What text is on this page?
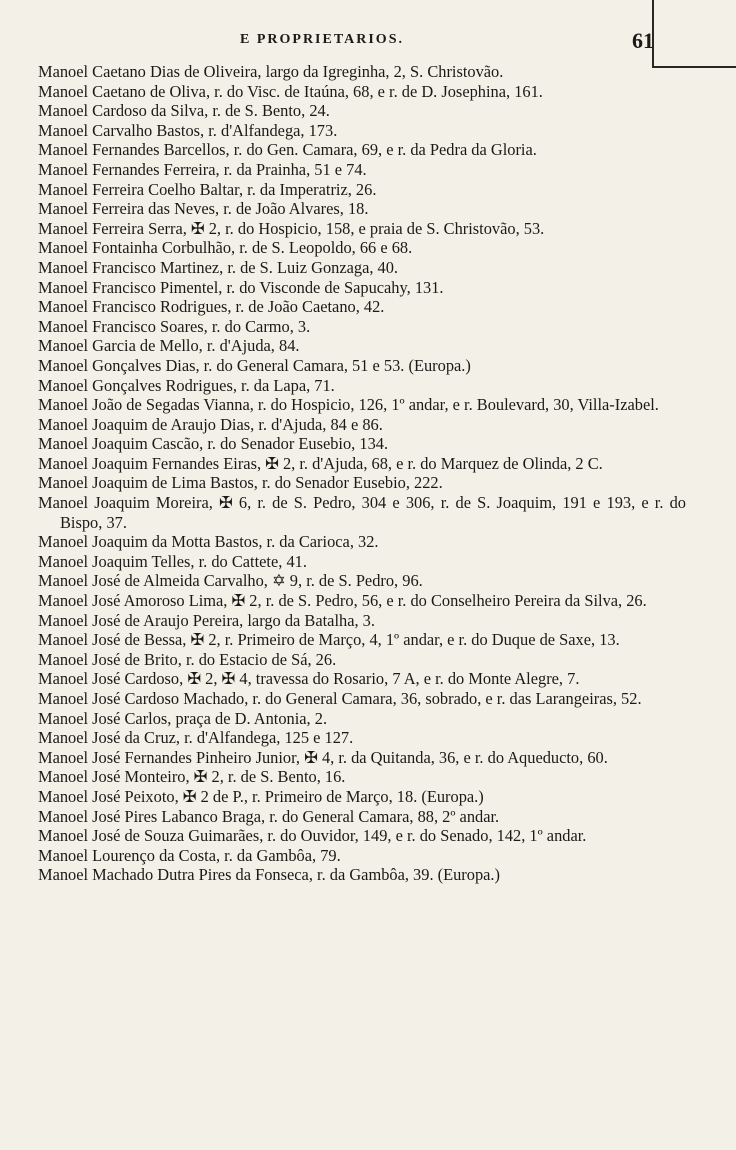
E PROPRIETARIOS.	61
Manoel Caetano Dias de Oliveira, largo da Igreginha, 2, S. Christovão.
Manoel Caetano de Oliva, r. do Visc. de Itaúna, 68, e r. de D. Josephina, 161.
Manoel Cardoso da Silva, r. de S. Bento, 24.
Manoel Carvalho Bastos, r. d'Alfandega, 173.
Manoel Fernandes Barcellos, r. do Gen. Camara, 69, e r. da Pedra da Gloria.
Manoel Fernandes Ferreira, r. da Prainha, 51 e 74.
Manoel Ferreira Coelho Baltar, r. da Imperatriz, 26.
Manoel Ferreira das Neves, r. de João Alvares, 18.
Manoel Ferreira Serra, ✠ 2, r. do Hospicio, 158, e praia de S. Christovão, 53.
Manoel Fontainha Corbulhão, r. de S. Leopoldo, 66 e 68.
Manoel Francisco Martinez, r. de S. Luiz Gonzaga, 40.
Manoel Francisco Pimentel, r. do Visconde de Sapucahy, 131.
Manoel Francisco Rodrigues, r. de João Caetano, 42.
Manoel Francisco Soares, r. do Carmo, 3.
Manoel Garcia de Mello, r. d'Ajuda, 84.
Manoel Gonçalves Dias, r. do General Camara, 51 e 53. (Europa.)
Manoel Gonçalves Rodrigues, r. da Lapa, 71.
Manoel João de Segadas Vianna, r. do Hospicio, 126, 1º andar, e r. Boulevard, 30, Villa-Izabel.
Manoel Joaquim de Araujo Dias, r. d'Ajuda, 84 e 86.
Manoel Joaquim Cascão, r. do Senador Eusebio, 134.
Manoel Joaquim Fernandes Eiras, ✠ 2, r. d'Ajuda, 68, e r. do Marquez de Olinda, 2 C.
Manoel Joaquim de Lima Bastos, r. do Senador Eusebio, 222.
Manoel Joaquim Moreira, ✠ 6, r. de S. Pedro, 304 e 306, r. de S. Joaquim, 191 e 193, e r. do Bispo, 37.
Manoel Joaquim da Motta Bastos, r. da Carioca, 32.
Manoel Joaquim Telles, r. do Cattete, 41.
Manoel José de Almeida Carvalho, ✡ 9, r. de S. Pedro, 96.
Manoel José Amoroso Lima, ✠ 2, r. de S. Pedro, 56, e r. do Conselheiro Pereira da Silva, 26.
Manoel José de Araujo Pereira, largo da Batalha, 3.
Manoel José de Bessa, ✠ 2, r. Primeiro de Março, 4, 1º andar, e r. do Duque de Saxe, 13.
Manoel José de Brito, r. do Estacio de Sá, 26.
Manoel José Cardoso, ✠ 2, ✠ 4, travessa do Rosario, 7 A, e r. do Monte Alegre, 7.
Manoel José Cardoso Machado, r. do General Camara, 36, sobrado, e r. das Larangeiras, 52.
Manoel José Carlos, praça de D. Antonia, 2.
Manoel José da Cruz, r. d'Alfandega, 125 e 127.
Manoel José Fernandes Pinheiro Junior, ✠ 4, r. da Quitanda, 36, e r. do Aqueducto, 60.
Manoel José Monteiro, ✠ 2, r. de S. Bento, 16.
Manoel José Peixoto, ✠ 2 de P., r. Primeiro de Março, 18. (Europa.)
Manoel José Pires Labanco Braga, r. do General Camara, 88, 2º andar.
Manoel José de Souza Guimarães, r. do Ouvidor, 149, e r. do Senado, 142, 1º andar.
Manoel Lourenço da Costa, r. da Gambôa, 79.
Manoel Machado Dutra Pires da Fonseca, r. da Gambôa, 39. (Europa.)
